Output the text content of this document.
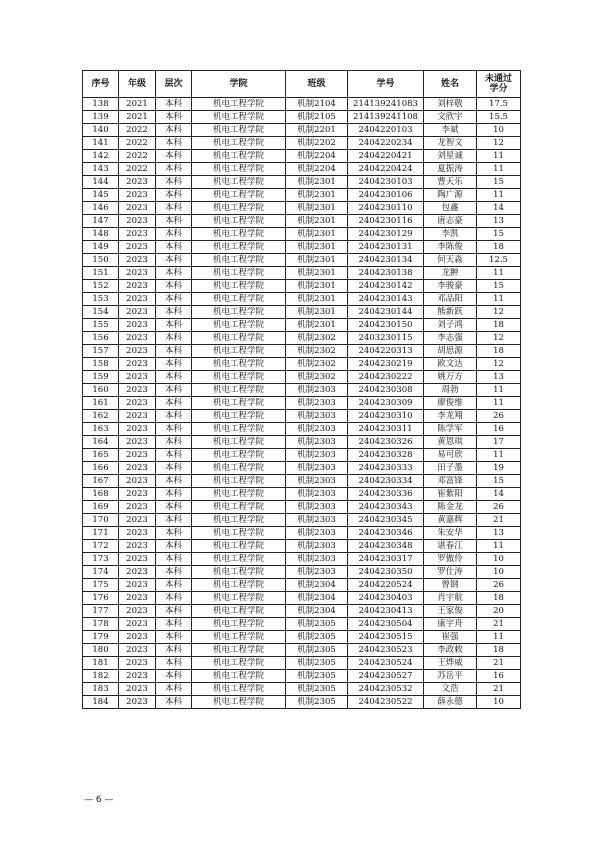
序号	年级	层次	学院	班级	学号	姓名	未通过学分
138	2021	本科	机电工程学院	机制2104	214139241083	刘梓敬	17.5
139	2021	本科	机电工程学院	机制2105	214139241108	文欣宇	15.5
140	2022	本科	机电工程学院	机制2201	2404220103	李斌	10
141	2022	本科	机电工程学院	机制2202	2404220234	龙智文	12
142	2022	本科	机电工程学院	机制2204	2404220421	刘星诚	11
143	2022	本科	机电工程学院	机制2204	2404220424	夏振涛	11
144	2023	本科	机电工程学院	机制2301	2404230103	曹天乐	15
145	2023	本科	机电工程学院	机制2301	2404230106	陶广源	11
146	2023	本科	机电工程学院	机制2301	2404230110	包鑫	14
147	2023	本科	机电工程学院	机制2301	2404230116	唐志豪	13
148	2023	本科	机电工程学院	机制2301	2404230129	李凯	15
149	2023	本科	机电工程学院	机制2301	2404230131	李陈俊	18
150	2023	本科	机电工程学院	机制2301	2404230134	何天淼	12.5
151	2023	本科	机电工程学院	机制2301	2404230138	龙翀	11
152	2023	本科	机电工程学院	机制2301	2404230142	李骏豪	15
153	2023	本科	机电工程学院	机制2301	2404230143	邓品阳	11
154	2023	本科	机电工程学院	机制2301	2404230144	熊新跃	12
155	2023	本科	机电工程学院	机制2301	2404230150	刘子鸿	18
156	2023	本科	机电工程学院	机制2302	2403230115	李志强	12
157	2023	本科	机电工程学院	机制2302	2404220313	胡思源	18
158	2023	本科	机电工程学院	机制2302	2404230219	欧文达	12
159	2023	本科	机电工程学院	机制2302	2404230222	姚万方	13
160	2023	本科	机电工程学院	机制2303	2404230308	周勃	11
161	2023	本科	机电工程学院	机制2303	2404230309	廖俊维	11
162	2023	本科	机电工程学院	机制2303	2404230310	李龙翔	26
163	2023	本科	机电工程学院	机制2303	2404230311	陈学军	16
164	2023	本科	机电工程学院	机制2303	2404230326	黄恩琪	17
165	2023	本科	机电工程学院	机制2303	2404230328	易可欣	11
166	2023	本科	机电工程学院	机制2303	2404230333	田子墨	19
167	2023	本科	机电工程学院	机制2303	2404230334	邓富锋	15
168	2023	本科	机电工程学院	机制2303	2404230336	崔紫阳	14
169	2023	本科	机电工程学院	机制2303	2404230343	陈金龙	26
170	2023	本科	机电工程学院	机制2303	2404230345	黄嘉辉	21
171	2023	本科	机电工程学院	机制2303	2404230346	朱安华	13
172	2023	本科	机电工程学院	机制2303	2404230348	谌春江	11
173	2023	本科	机电工程学院	机制2303	2404230317	罗傲伶	10
174	2023	本科	机电工程学院	机制2303	2404230350	罗仕涛	10
175	2023	本科	机电工程学院	机制2304	2404220524	曾钢	26
176	2023	本科	机电工程学院	机制2304	2404230403	肖宇航	18
177	2023	本科	机电工程学院	机制2304	2404230413	王家俊	20
178	2023	本科	机电工程学院	机制2305	2404230504	康宇舟	21
179	2023	本科	机电工程学院	机制2305	2404230515	崔强	11
180	2023	本科	机电工程学院	机制2305	2404230523	李政敕	18
181	2023	本科	机电工程学院	机制2305	2404230524	王烨威	21
182	2023	本科	机电工程学院	机制2305	2404230527	苏岳平	16
183	2023	本科	机电工程学院	机制2305	2404230532	文浩	21
184	2023	本科	机电工程学院	机制2305	2404230522	薛永德	10
— 6 —
